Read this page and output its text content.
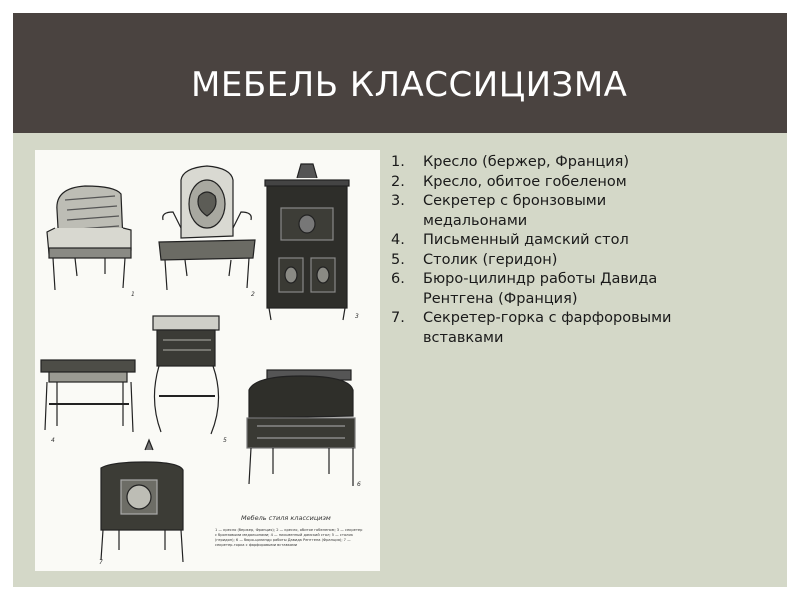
МЕБЕЛЬ КЛАССИЦИЗМА
1	2
3
4	5
6
7
Мебель стиля классицизм
1 — кресло (бержер, Франция); 2 — кресло, обитое гобеленом; 3 — секретер с бронзовыми медальонами; 4 — письменный дамский стол; 5 — столик (геридон); 6 — бюро-цилиндр работы Давида Рентгена (Франция); 7 — секретер-горка с фарфоровыми вставками
1. Кресло (бержер, Франция)
2. Кресло, обитое гобеленом
3. Секретер с бронзовыми медальонами
4. Письменный дамский стол
5. Столик (геридон)
6. Бюро-цилиндр работы Давида Рентгена (Франция)
7. Секретер-горка с фарфоровыми вставками
